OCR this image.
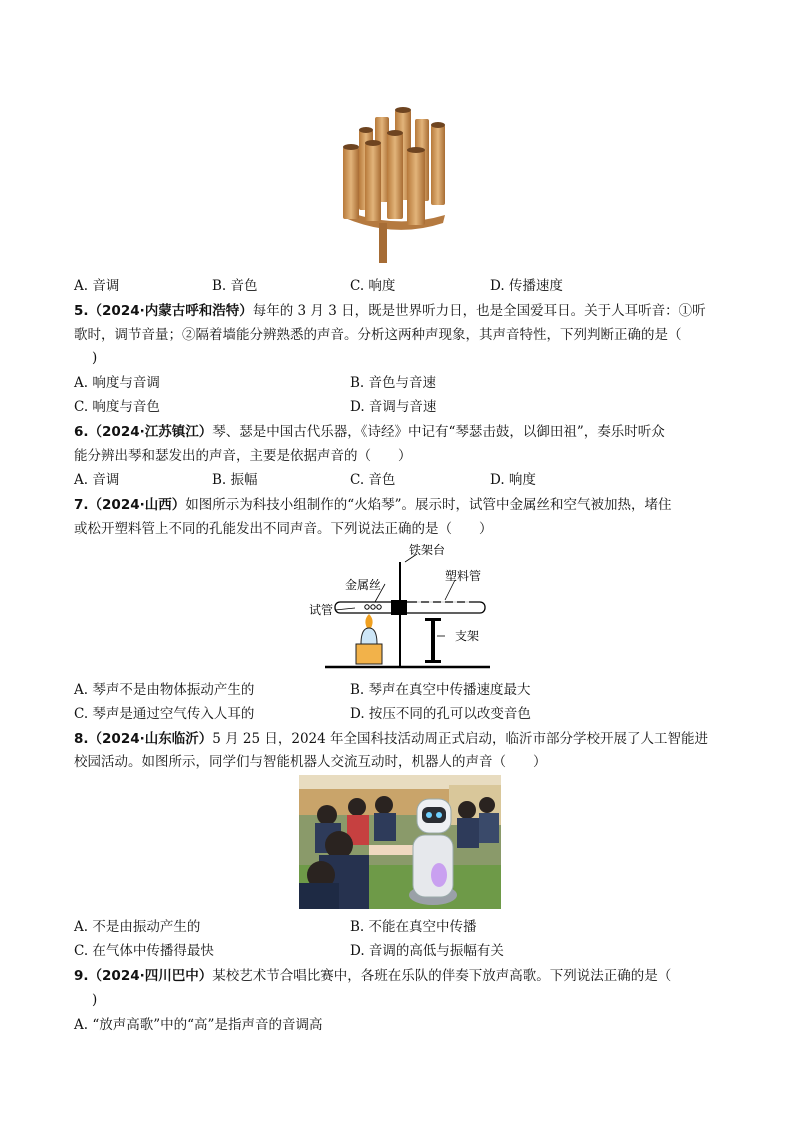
A. 音调	B. 音色	C. 响度	D. 传播速度
5.（2024·内蒙古呼和浩特）每年的 3 月 3 日，既是世界听力日，也是全国爱耳日。关于人耳听音：①听
歌时，调节音量；②隔着墙能分辨熟悉的声音。分析这两种声现象，其声音特性，下列判断正确的是（
)
A. 响度与音调	B. 音色与音速
C. 响度与音色	D. 音调与音速
6.（2024·江苏镇江）琴、瑟是中国古代乐器，《诗经》中记有“琴瑟击鼓，以御田祖”，奏乐时听众
能分辨出琴和瑟发出的声音，主要是依据声音的（　　）
A. 音调	B. 振幅	C. 音色	D. 响度
7.（2024·山西）如图所示为科技小组制作的“火焰琴”。展示时，试管中金属丝和空气被加热，堵住
或松开塑料管上不同的孔能发出不同声音。下列说法正确的是（　　）
铁架台
金属丝
塑料管
试管
支架
A. 琴声不是由物体振动产生的	B. 琴声在真空中传播速度最大
C. 琴声是通过空气传入人耳的	D. 按压不同的孔可以改变音色
8.（2024·山东临沂）5 月 25 日，2024 年全国科技活动周正式启动，临沂市部分学校开展了人工智能进
校园活动。如图所示，同学们与智能机器人交流互动时，机器人的声音（　　）
A. 不是由振动产生的	B. 不能在真空中传播
C. 在气体中传播得最快	D. 音调的高低与振幅有关
9.（2024·四川巴中）某校艺术节合唱比赛中，各班在乐队的伴奏下放声高歌。下列说法正确的是（
)
A. “放声高歌”中的“高”是指声音的音调高
